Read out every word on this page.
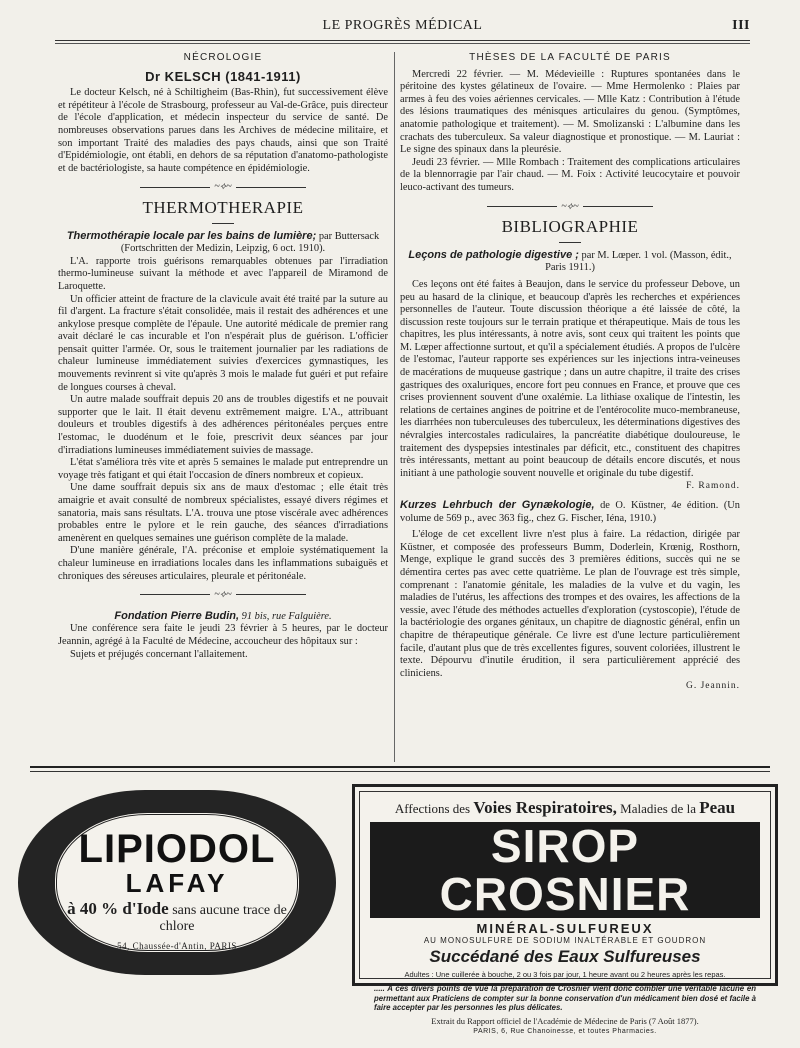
LE PROGRÈS MÉDICAL	III
NÉCROLOGIE
Dr KELSCH (1841-1911)

Le docteur Kelsch, né à Schiltigheim (Bas-Rhin), fut successivement élève et répétiteur à l'école de Strasbourg, professeur au Val-de-Grâce, puis directeur de l'école d'application, et médecin inspecteur du service de santé. De nombreuses observations parues dans les Archives de médecine militaire, et son important Traité des maladies des pays chauds, ainsi que son Traité d'Epidémiologie, ont établi, en dehors de sa réputation d'anatomo-pathologiste et de bactériologiste, sa haute compétence en épidémiologie.

~⟡~
THERMOTHERAPIE

Thermothérapie locale par les bains de lumière; par Buttersack (Fortschritten der Medizin, Leipzig, 6 oct. 1910).

L'A. rapporte trois guérisons remarquables obtenues par l'irradiation thermo-lumineuse suivant la méthode et avec l'appareil de Miramond de Laroquette.

Un officier atteint de fracture de la clavicule avait été traité par la suture au fil d'argent. La fracture s'était consolidée, mais il restait des adhérences et une ankylose presque complète de l'épaule. Une autorité médicale de premier rang avait déclaré le cas incurable et l'on n'espérait plus de guérison. L'officier pensait quitter l'armée. Or, sous le traitement journalier par les radiations de chaleur lumineuse immédiatement suivies d'exercices gymnastiques, les mouvements revinrent si vite qu'après 3 mois le malade fut guéri et put refaire de longues courses à cheval.

Un autre malade souffrait depuis 20 ans de troubles digestifs et ne pouvait supporter que le lait. Il était devenu extrêmement maigre. L'A., attribuant douleurs et troubles digestifs à des adhérences péritonéales perçues entre l'estomac, le duodénum et le foie, prescrivit deux séances par jour d'irradiations lumineuses immédiatement suivies de massage.

L'état s'améliora très vite et après 5 semaines le malade put entreprendre un voyage très fatigant et qui était l'occasion de dîners nombreux et copieux.

Une dame souffrait depuis six ans de maux d'estomac ; elle était très amaigrie et avait consulté de nombreux spécialistes, essayé divers régimes et sanatoria, mais sans résultats. L'A. trouva une ptose viscérale avec adhérences probables entre le pylore et le rein gauche, des séances d'irradiations amenèrent en quelques semaines une guérison complète de la malade.

D'une manière générale, l'A. préconise et emploie systématiquement la chaleur lumineuse en irradiations locales dans les inflammations subaiguës et chroniques des séreuses articulaires, pleurale et péritonéale.

~⟡~

Fondation Pierre Budin, 91 bis, rue Falguière.

Une conférence sera faite le jeudi 23 février à 5 heures, par le docteur Jeannin, agrégé à la Faculté de Médecine, accoucheur des hôpitaux sur :

Sujets et préjugés concernant l'allaitement.

THÈSES DE LA FACULTÉ DE PARIS

Mercredi 22 février. — M. Médevieille : Ruptures spontanées dans le péritoine des kystes gélatineux de l'ovaire. — Mme Hermolenko : Plaies par armes à feu des voies aériennes cervicales. — Mlle Katz : Contribution à l'étude des lésions traumatiques des ménisques articulaires du genou. (Symptômes, anatomie pathologique et traitement). — M. Smolizanski : L'albumine dans les crachats des tuberculeux. Sa valeur diagnostique et pronostique. — M. Lauriat : Le signe des spinaux dans la pleurésie.

Jeudi 23 février. — Mlle Rombach : Traitement des complications articulaires de la blennorragie par l'air chaud. — M. Foix : Activité leucocytaire et pouvoir leuco-activant des tumeurs.

~⟡~
BIBLIOGRAPHIE

Leçons de pathologie digestive ; par M. Lœper. 1 vol. (Masson, édit., Paris 1911.)

Ces leçons ont été faites à Beaujon, dans le service du professeur Debove, un peu au hasard de la clinique, et beaucoup d'après les recherches et expériences personnelles de l'auteur. Toute discussion théorique a été laissée de côté, la discussion reste toujours sur le terrain pratique et thérapeutique. Mais de tous les chapitres, les plus intéressants, à notre avis, sont ceux qui traitent les points que M. Lœper affectionne surtout, et qu'il a spécialement étudiés. A propos de l'ulcère de l'estomac, l'auteur rapporte ses expériences sur les injections intra-veineuses de macérations de muqueuse gastrique ; dans un autre chapitre, il traite des crises gastriques des oxaluriques, encore fort peu connues en France, et prouve que ces crises proviennent souvent d'une oxalémie. La lithiase oxalique de l'intestin, les relations de certaines angines de poitrine et de l'entérocolite muco-membraneuse, les diarrhées non tuberculeuses des tuberculeux, les déterminations digestives des névralgies intercostales radiculaires, la pancréatite diabétique douloureuse, le traitement des dyspepsies intestinales par déficit, etc., constituent des chapitres très intéressants, mettant au point beaucoup de détails encore discutés, et nous initiant à une pathologie souvent nouvelle et originale du tube digestif.

F. Ramond.

Kurzes Lehrbuch der Gynækologie, de O. Küstner, 4e édition. (Un volume de 569 p., avec 363 fig., chez G. Fischer, Iéna, 1910.)

L'éloge de cet excellent livre n'est plus à faire. La rédaction, dirigée par Küstner, et composée des professeurs Bumm, Doderlein, Krœnig, Rosthorn, Menge, explique le grand succès des 3 premières éditions, succès qui ne se démentira certes pas avec cette quatrième. Le plan de l'ouvrage est très simple, comprenant : l'anatomie génitale, les maladies de la vulve et du vagin, les maladies de l'utérus, les affections des trompes et des ovaires, les affections de la vessie, avec l'étude des méthodes actuelles d'exploration (cystoscopie), l'étude de la bactériologie des organes génitaux, un chapitre de diagnostic général, enfin un chapitre de thérapeutique générale. Ce livre est d'une lecture particulièrement facile, d'autant plus que de très excellentes figures, souvent coloriées, illustrent le texte. Dépourvu d'inutile érudition, il sera particulièrement apprécié des cliniciens.

G. Jeannin.
LIPIODOL
LAFAY
à 40 % d'Iode sans aucune trace de chlore
54, Chaussée-d'Antin, PARIS
Affections des Voies Respiratoires, Maladies de la Peau
SIROP CROSNIER
MINÉRAL-SULFUREUX
AU MONOSULFURE DE SODIUM INALTÉRABLE ET GOUDRON
Succédané des Eaux Sulfureuses
Adultes : Une cuillerée à bouche, 2 ou 3 fois par jour, 1 heure avant ou 2 heures après les repas.
..... A ces divers points de vue la préparation de Crosnier vient donc combler une véritable lacune en permettant aux Praticiens de compter sur la bonne conservation d'un médicament bien dosé et facile à faire accepter par les personnes les plus délicates.
Extrait du Rapport officiel de l'Académie de Médecine de Paris (7 Août 1877).
PARIS, 6, Rue Chanoinesse, et toutes Pharmacies.
